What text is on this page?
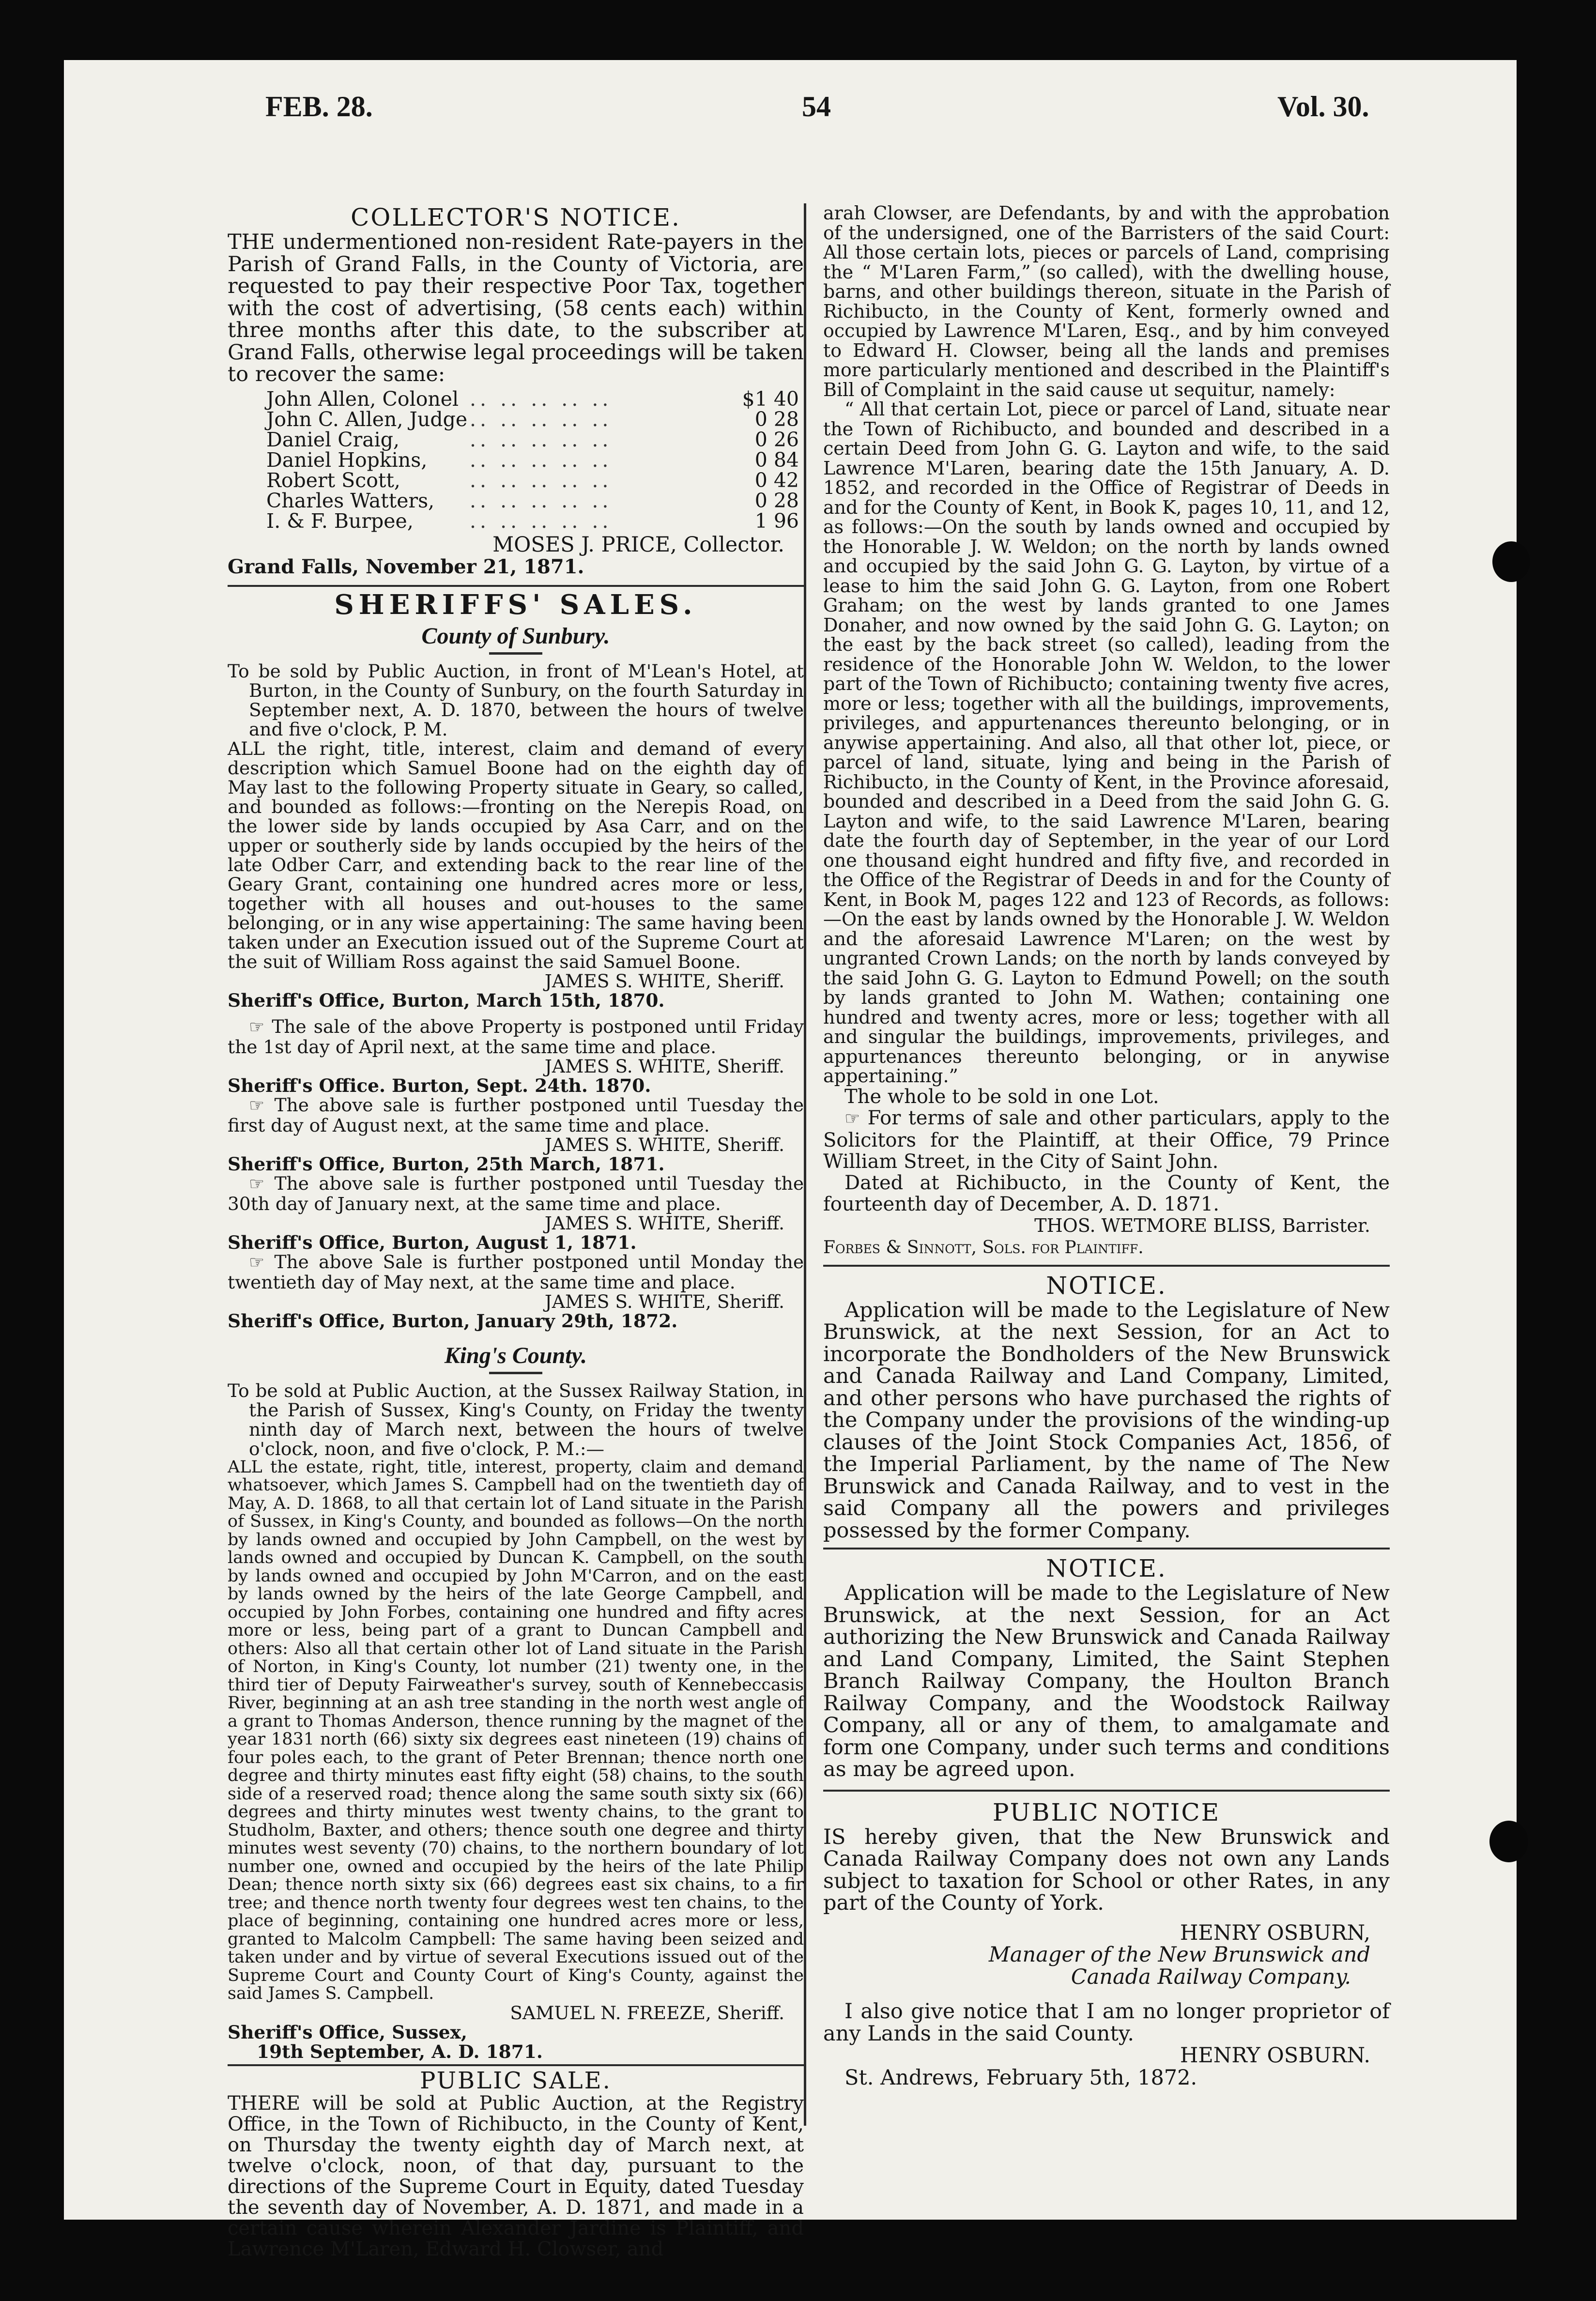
FEB. 28.	54	Vol. 30.
COLLECTOR'S NOTICE.

THE undermentioned non-resident Rate-payers in the Parish of Grand Falls, in the County of Victoria, are requested to pay their respective Poor Tax, together with the cost of advertising, (58 cents each) within three months after this date, to the subscriber at Grand Falls, otherwise legal proceedings will be taken to recover the same:

John Allen, Colonel	.. .. .. .. ..	$1 40
John C. Allen, Judge	.. .. .. .. ..	0 28
Daniel Craig,	.. .. .. .. ..	0 26
Daniel Hopkins,	.. .. .. .. ..	0 84
Robert Scott,	.. .. .. .. ..	0 42
Charles Watters,	.. .. .. .. ..	0 28
I. & F. Burpee,	.. .. .. .. ..	1 96

MOSES J. PRICE, Collector.

Grand Falls, November 21, 1871.

SHERIFFS' SALES.
County of Sunbury.

To be sold by Public Auction, in front of M'Lean's Hotel, at Burton, in the County of Sunbury, on the fourth Saturday in September next, A. D. 1870, between the hours of twelve and five o'clock, P. M.

ALL the right, title, interest, claim and demand of every description which Samuel Boone had on the eighth day of May last to the following Property situate in Geary, so called, and bounded as follows:—fronting on the Nerepis Road, on the lower side by lands occupied by Asa Carr, and on the upper or southerly side by lands occupied by the heirs of the late Odber Carr, and extending back to the rear line of the Geary Grant, containing one hundred acres more or less, together with all houses and out-houses to the same belonging, or in any wise appertaining: The same having been taken under an Execution issued out of the Supreme Court at the suit of William Ross against the said Samuel Boone.

JAMES S. WHITE, Sheriff.

Sheriff's Office, Burton, March 15th, 1870.

☞ The sale of the above Property is postponed until Friday the 1st day of April next, at the same time and place.

JAMES S. WHITE, Sheriff.

Sheriff's Office. Burton, Sept. 24th. 1870.

☞ The above sale is further postponed until Tuesday the first day of August next, at the same time and place.

JAMES S. WHITE, Sheriff.

Sheriff's Office, Burton, 25th March, 1871.

☞ The above sale is further postponed until Tuesday the 30th day of January next, at the same time and place.

JAMES S. WHITE, Sheriff.

Sheriff's Office, Burton, August 1, 1871.

☞ The above Sale is further postponed until Monday the twentieth day of May next, at the same time and place.

JAMES S. WHITE, Sheriff.

Sheriff's Office, Burton, January 29th, 1872.

King's County.

To be sold at Public Auction, at the Sussex Railway Station, in the Parish of Sussex, King's County, on Friday the twenty ninth day of March next, between the hours of twelve o'clock, noon, and five o'clock, P. M.:—

ALL the estate, right, title, interest, property, claim and demand whatsoever, which James S. Campbell had on the twentieth day of May, A. D. 1868, to all that certain lot of Land situate in the Parish of Sussex, in King's County, and bounded as follows—On the north by lands owned and occupied by John Campbell, on the west by lands owned and occupied by Duncan K. Campbell, on the south by lands owned and occupied by John M'Carron, and on the east by lands owned by the heirs of the late George Campbell, and occupied by John Forbes, containing one hundred and fifty acres more or less, being part of a grant to Duncan Campbell and others: Also all that certain other lot of Land situate in the Parish of Norton, in King's County, lot number (21) twenty one, in the third tier of Deputy Fairweather's survey, south of Kennebeccasis River, beginning at an ash tree standing in the north west angle of a grant to Thomas Anderson, thence running by the magnet of the year 1831 north (66) sixty six degrees east nineteen (19) chains of four poles each, to the grant of Peter Brennan; thence north one degree and thirty minutes east fifty eight (58) chains, to the south side of a reserved road; thence along the same south sixty six (66) degrees and thirty minutes west twenty chains, to the grant to Studholm, Baxter, and others; thence south one degree and thirty minutes west seventy (70) chains, to the northern boundary of lot number one, owned and occupied by the heirs of the late Philip Dean; thence north sixty six (66) degrees east six chains, to a fir tree; and thence north twenty four degrees west ten chains, to the place of beginning, containing one hundred acres more or less, granted to Malcolm Campbell: The same having been seized and taken under and by virtue of several Executions issued out of the Supreme Court and County Court of King's County, against the said James S. Campbell.

SAMUEL N. FREEZE, Sheriff.

Sheriff's Office, Sussex,

19th September, A. D. 1871.

PUBLIC SALE.

THERE will be sold at Public Auction, at the Registry Office, in the Town of Richibucto, in the County of Kent, on Thursday the twenty eighth day of March next, at twelve o'clock, noon, of that day, pursuant to the directions of the Supreme Court in Equity, dated Tuesday the seventh day of November, A. D. 1871, and made in a certain cause wherein Alexander Jardine is Plaintiff, and Lawrence M'Laren, Edward H. Clowser, and

arah Clowser, are Defendants, by and with the approbation of the undersigned, one of the Barristers of the said Court: All those certain lots, pieces or parcels of Land, comprising the “ M'Laren Farm,” (so called), with the dwelling house, barns, and other buildings thereon, situate in the Parish of Richibucto, in the County of Kent, formerly owned and occupied by Lawrence M'Laren, Esq., and by him conveyed to Edward H. Clowser, being all the lands and premises more particularly mentioned and described in the Plaintiff's Bill of Complaint in the said cause ut sequitur, namely:

“ All that certain Lot, piece or parcel of Land, situate near the Town of Richibucto, and bounded and described in a certain Deed from John G. G. Layton and wife, to the said Lawrence M'Laren, bearing date the 15th January, A. D. 1852, and recorded in the Office of Registrar of Deeds in and for the County of Kent, in Book K, pages 10, 11, and 12, as follows:—On the south by lands owned and occupied by the Honorable J. W. Weldon; on the north by lands owned and occupied by the said John G. G. Layton, by virtue of a lease to him the said John G. G. Layton, from one Robert Graham; on the west by lands granted to one James Donaher, and now owned by the said John G. G. Layton; on the east by the back street (so called), leading from the residence of the Honorable John W. Weldon, to the lower part of the Town of Richibucto; containing twenty five acres, more or less; together with all the buildings, improvements, privileges, and appurtenances thereunto belonging, or in anywise appertaining. And also, all that other lot, piece, or parcel of land, situate, lying and being in the Parish of Richibucto, in the County of Kent, in the Province aforesaid, bounded and described in a Deed from the said John G. G. Layton and wife, to the said Lawrence M'Laren, bearing date the fourth day of September, in the year of our Lord one thousand eight hundred and fifty five, and recorded in the Office of the Registrar of Deeds in and for the County of Kent, in Book M, pages 122 and 123 of Records, as follows:—On the east by lands owned by the Honorable J. W. Weldon and the aforesaid Lawrence M'Laren; on the west by ungranted Crown Lands; on the north by lands conveyed by the said John G. G. Layton to Edmund Powell; on the south by lands granted to John M. Wathen; containing one hundred and twenty acres, more or less; together with all and singular the buildings, improvements, privileges, and appurtenances thereunto belonging, or in anywise appertaining.”

The whole to be sold in one Lot.

☞ For terms of sale and other particulars, apply to the Solicitors for the Plaintiff, at their Office, 79 Prince William Street, in the City of Saint John.

Dated at Richibucto, in the County of Kent, the fourteenth day of December, A. D. 1871.

THOS. WETMORE BLISS, Barrister.

Forbes & Sinnott, Sols. for Plaintiff.

NOTICE.

Application will be made to the Legislature of New Brunswick, at the next Session, for an Act to incorporate the Bondholders of the New Brunswick and Canada Railway and Land Company, Limited, and other persons who have purchased the rights of the Company under the provisions of the winding-up clauses of the Joint Stock Companies Act, 1856, of the Imperial Parliament, by the name of The New Brunswick and Canada Railway, and to vest in the said Company all the powers and privileges possessed by the former Company.

NOTICE.

Application will be made to the Legislature of New Brunswick, at the next Session, for an Act authorizing the New Brunswick and Canada Railway and Land Company, Limited, the Saint Stephen Branch Railway Company, the Houlton Branch Railway Company, and the Woodstock Railway Company, all or any of them, to amalgamate and form one Company, under such terms and conditions as may be agreed upon.

PUBLIC NOTICE

IS hereby given, that the New Brunswick and Canada Railway Company does not own any Lands subject to taxation for School or other Rates, in any part of the County of York.

HENRY OSBURN,

Manager of the New Brunswick and

Canada Railway Company.

I also give notice that I am no longer proprietor of any Lands in the said County.

HENRY OSBURN.

St. Andrews, February 5th, 1872.
